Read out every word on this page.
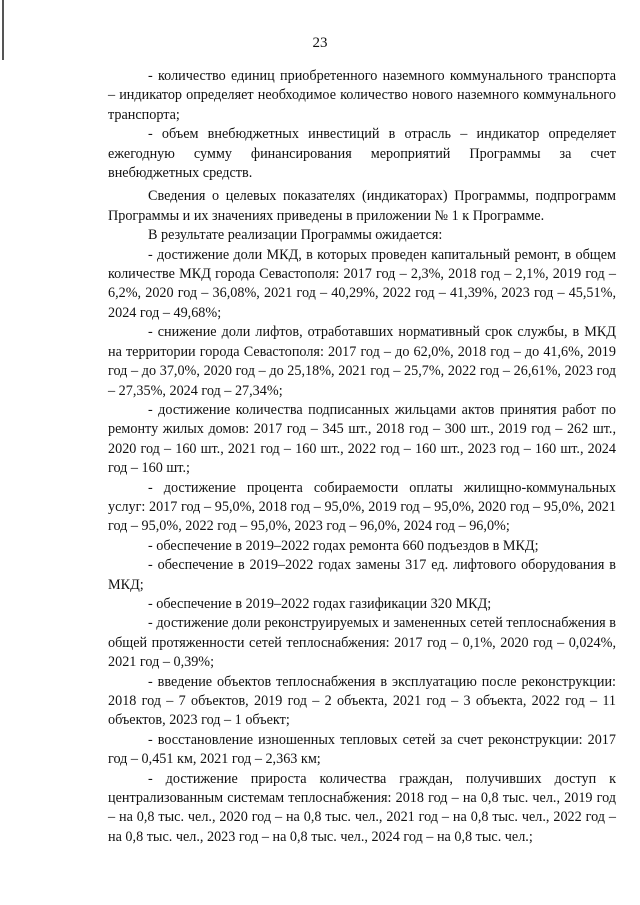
23

- количество единиц приобретенного наземного коммунального транспорта – индикатор определяет необходимое количество нового наземного коммунального транспорта;

- объем внебюджетных инвестиций в отрасль – индикатор определяет ежегодную сумму финансирования мероприятий Программы за счет внебюджетных средств.

Сведения о целевых показателях (индикаторах) Программы, подпрограмм Программы и их значениях приведены в приложении № 1 к Программе.

В результате реализации Программы ожидается:

- достижение доли МКД, в которых проведен капитальный ремонт, в общем количестве МКД города Севастополя: 2017 год – 2,3%, 2018 год – 2,1%, 2019 год – 6,2%, 2020 год – 36,08%, 2021 год – 40,29%, 2022 год – 41,39%, 2023 год – 45,51%, 2024 год – 49,68%;

- снижение доли лифтов, отработавших нормативный срок службы, в МКД на территории города Севастополя: 2017 год – до 62,0%, 2018 год – до 41,6%, 2019 год – до 37,0%, 2020 год – до 25,18%, 2021 год – 25,7%, 2022 год – 26,61%, 2023 год – 27,35%, 2024 год – 27,34%;

- достижение количества подписанных жильцами актов принятия работ по ремонту жилых домов: 2017 год – 345 шт., 2018 год – 300 шт., 2019 год – 262 шт., 2020 год – 160 шт., 2021 год – 160 шт., 2022 год – 160 шт., 2023 год – 160 шт., 2024 год – 160 шт.;

- достижение процента собираемости оплаты жилищно-коммунальных услуг: 2017 год – 95,0%, 2018 год – 95,0%, 2019 год – 95,0%, 2020 год – 95,0%, 2021 год – 95,0%, 2022 год – 95,0%, 2023 год – 96,0%, 2024 год – 96,0%;

- обеспечение в 2019–2022 годах ремонта 660 подъездов в МКД;

- обеспечение в 2019–2022 годах замены 317 ед. лифтового оборудования в МКД;

- обеспечение в 2019–2022 годах газификации 320 МКД;

- достижение доли реконструируемых и замененных сетей теплоснабжения в общей протяженности сетей теплоснабжения: 2017 год – 0,1%, 2020 год – 0,024%, 2021 год – 0,39%;

- введение объектов теплоснабжения в эксплуатацию после реконструкции: 2018 год – 7 объектов, 2019 год – 2 объекта, 2021 год – 3 объекта, 2022 год – 11 объектов, 2023 год – 1 объект;

- восстановление изношенных тепловых сетей за счет реконструкции: 2017 год – 0,451 км, 2021 год – 2,363 км;

- достижение прироста количества граждан, получивших доступ к централизованным системам теплоснабжения: 2018 год – на 0,8 тыс. чел., 2019 год – на 0,8 тыс. чел., 2020 год – на 0,8 тыс. чел., 2021 год – на 0,8 тыс. чел., 2022 год – на 0,8 тыс. чел., 2023 год – на 0,8 тыс. чел., 2024 год – на 0,8 тыс. чел.;
